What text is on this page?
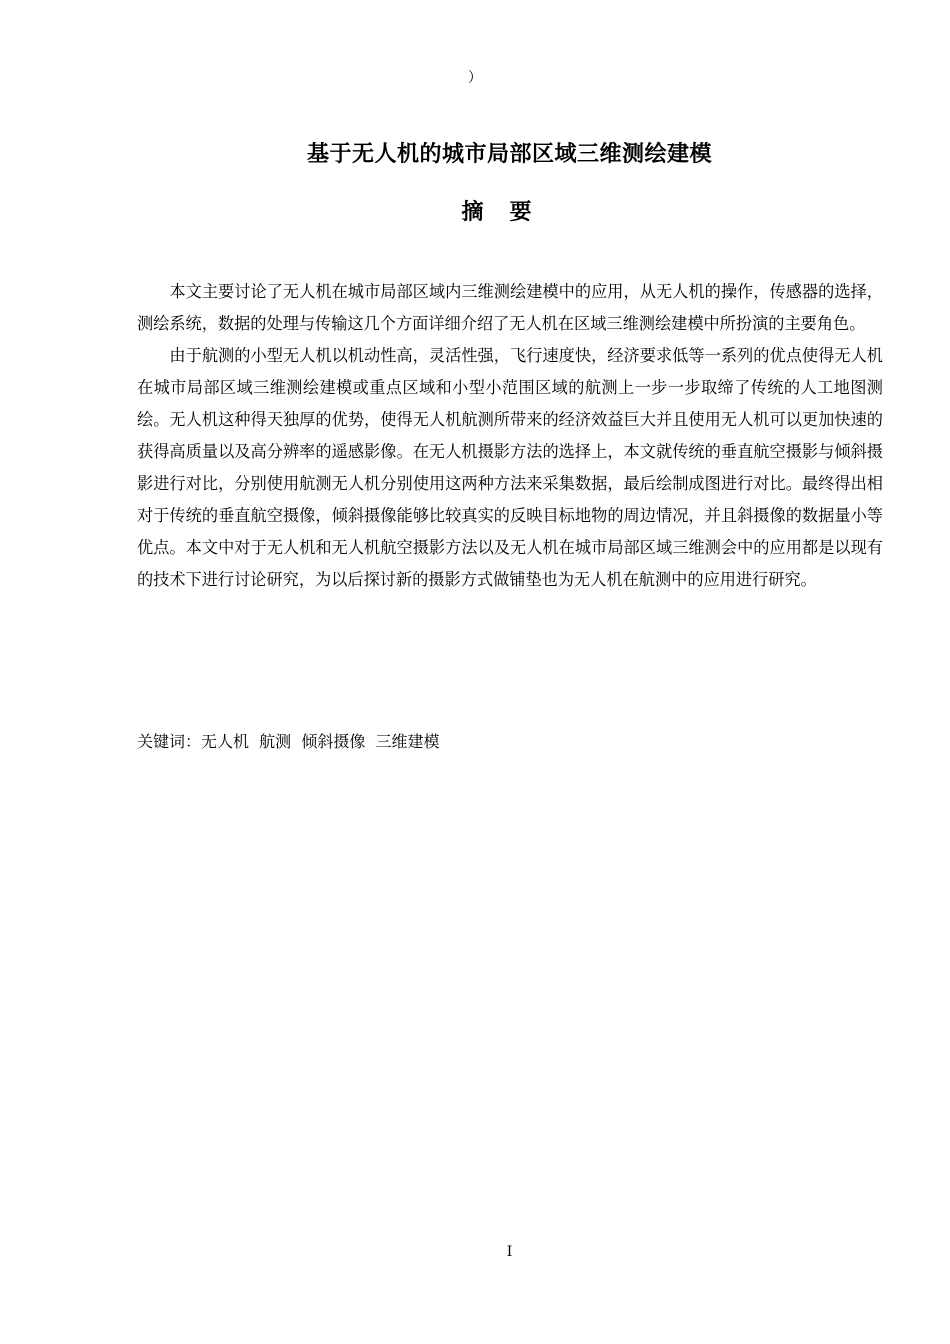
）
基于无人机的城市局部区域三维测绘建模
摘要

本文主要讨论了无人机在城市局部区域内三维测绘建模中的应用，从无人机的操作，传感器的选择，测绘系统，数据的处理与传输这几个方面详细介绍了无人机在区域三维测绘建模中所扮演的主要角色。

由于航测的小型无人机以机动性高，灵活性强，飞行速度快，经济要求低等一系列的优点使得无人机在城市局部区域三维测绘建模或重点区域和小型小范围区域的航测上一步一步取缔了传统的人工地图测绘。无人机这种得天独厚的优势，使得无人机航测所带来的经济效益巨大并且使用无人机可以更加快速的获得高质量以及高分辨率的遥感影像。在无人机摄影方法的选择上，本文就传统的垂直航空摄影与倾斜摄影进行对比，分别使用航测无人机分别使用这两种方法来采集数据，最后绘制成图进行对比。最终得出相对于传统的垂直航空摄像，倾斜摄像能够比较真实的反映目标地物的周边情况，并且斜摄像的数据量小等优点。本文中对于无人机和无人机航空摄影方法以及无人机在城市局部区域三维测会中的应用都是以现有的技术下进行讨论研究，为以后探讨新的摄影方式做铺垫也为无人机在航测中的应用进行研究。

关键词：无人机  航测  倾斜摄像  三维建模
I
